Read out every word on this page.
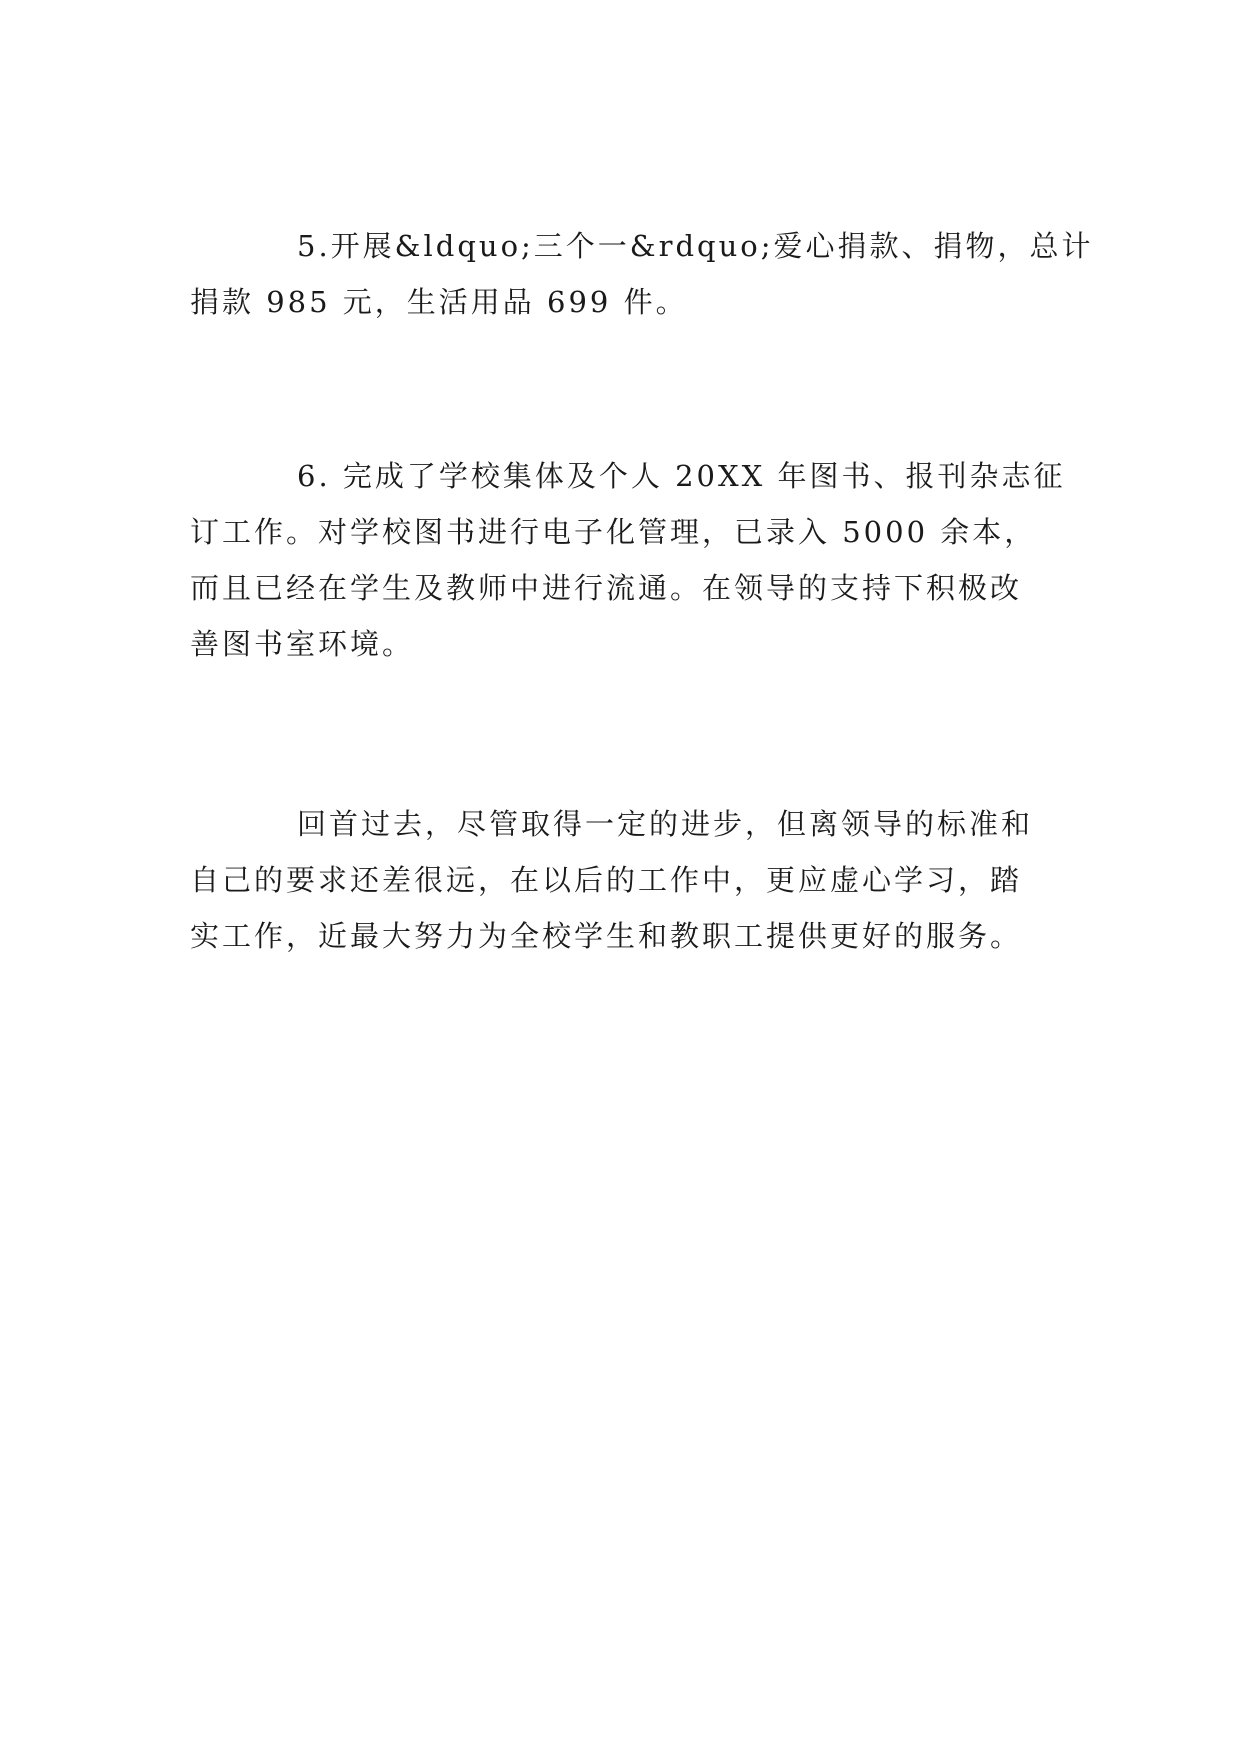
5.开展&ldquo;三个一&rdquo;爱心捐款、捐物，总计
捐款 985 元，生活用品 699 件。
6. 完成了学校集体及个人 20XX 年图书、报刊杂志征
订工作。对学校图书进行电子化管理，已录入 5000 余本，
而且已经在学生及教师中进行流通。在领导的支持下积极改
善图书室环境。
回首过去，尽管取得一定的进步，但离领导的标准和
自己的要求还差很远，在以后的工作中，更应虚心学习，踏
实工作，近最大努力为全校学生和教职工提供更好的服务。
